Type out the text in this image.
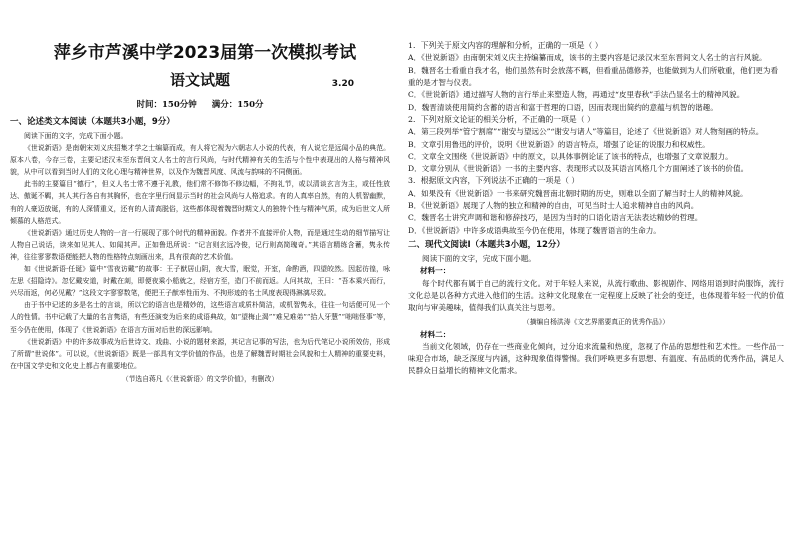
萍乡市芦溪中学2023届第一次模拟考试
语文试题	3.20
时间：150分钟 满分：150分
一、论述类文本阅读（本题共3小题，9分）

阅读下面的文字，完成下面小题。

《世说新语》是南朝宋刘义庆招集才学之士编纂而成，有人将它视为六朝志人小说的代表，有人说它是远闻小品的典范。原本八卷，今存三卷，主要记述汉末至东晋间文人名士的言行风尚，与时代精神有关的生活与个性中表现出的人格与精神风貌，从中可以看到当时人们的文化心理与精神世界，以及作为魏晋风度、风流与韵味的不同侧面。

此书的主要篇目“德行”，但义人名士常不遵于礼教，他们常不修饰不修边幅，不拘礼节，或以清谈玄言为主，或任性放达、傲诞不羁，其人其行各自有其胸怀，也在字里行间显示当时的社会风尚与人格追求。有的人真率自然，有的人机智幽默，有的人豪迈放诞，有的人深情重义，还有的人清高脱俗，这些都体现着魏晋时期文人的独特个性与精神气质，成为后世文人所倾慕的人格范式。

《世说新语》通过历史人物的一言一行展现了那个时代的精神面貌。作者并不直接评价人物，而是通过生动的细节描写让人物自己说话，读来如见其人、如闻其声。正如鲁迅所说：“记言则玄远冷俊，记行则高简瑰奇。”其语言精练含蓄，隽永传神，往往寥寥数语便能把人物的性格特点刻画出来，具有很高的艺术价值。

如《世说新语·任诞》篇中“雪夜访戴”的故事：王子猷居山阴，夜大雪，眠觉，开室，命酌酒，四望皎然。因起彷徨，咏左思《招隐诗》。忽忆戴安道，时戴在剡，即便夜乘小船就之，经宿方至，造门不前而返。人问其故，王曰：“吾本乘兴而行，兴尽而返，何必见戴？”这段文字寥寥数笔，便把王子猷率性而为、不拘形迹的名士风度表现得淋漓尽致。

由于书中记述的多是名士的言谈，所以它的语言也是精妙的，这些语言或质朴简洁，或机智隽永，往往一句话便可见一个人的性情。书中记载了大量的名言隽语，有些还演变为后来的成语典故，如“望梅止渴”“难兄难弟”“拾人牙慧”“咄咄怪事”等，至今仍在使用，体现了《世说新语》在语言方面对后世的深远影响。

《世说新语》中的许多故事成为后世诗文、戏曲、小说的题材来源，其记言记事的写法，也为后代笔记小说所效仿，形成了所谓“世说体”。可以说，《世说新语》既是一部具有文学价值的作品，也是了解魏晋时期社会风貌和士人精神的重要史料，在中国文学史和文化史上都占有重要地位。

（节选自蒋凡《〈世说新语〉的文学价值》，有删改）
1．下列关于原文内容的理解和分析，正确的一项是（ ）
A．《世说新语》由南朝宋刘义庆主持编纂而成，该书的主要内容是记录汉末至东晋间文人名士的言行风貌。
B．魏晋名士看重自我才名，他们虽然有时会放荡不羁，但看重品德修养，也能做到为人们所敬重，他们更为看重的是才智与仪表。
C．《世说新语》通过描写人物的言行举止来塑造人物，再通过“皮里春秋”手法凸显名士的精神风貌。
D．魏晋清谈使用简约含蓄的语言和富于哲理的口语，因而表现出简约的意蕴与机智的谐趣。
2．下列对原文论证的相关分析，不正确的一项是（ ）
A．第三段列举“管宁割席”“谢安与望远公”“谢安与诸人”等篇目，论述了《世说新语》对人物刻画的特点。
B．文章引用鲁迅的评价，说明《世说新语》的语言特点，增强了论证的说服力和权威性。
C．文章全文围绕《世说新语》中的原文，以具体事例论证了该书的特点，也增强了文章说服力。
D．文章分别从《世说新语》一书的主要内容、表现形式以及其语言风格几个方面阐述了该书的价值。
3．根据原文内容，下列说法不正确的一项是（ ）
A．如果没有《世说新语》一书来研究魏晋南北朝时期的历史，则难以全面了解当时士人的精神风貌。
B．《世说新语》展现了人物的独立和精神的自由，可见当时士人追求精神自由的风尚。
C．魏晋名士讲究声调和谐和修辞技巧，是因为当时的口语化语言无法表达精妙的哲理。
D．《世说新语》中许多成语典故至今仍在使用，体现了魏晋语言的生命力。
二、现代文阅读Ⅰ（本题共3小题，12分）

阅读下面的文字，完成下面小题。

材料一：

每个时代都有属于自己的流行文化。对于年轻人来说，从流行歌曲、影视剧作、网络用语到时尚服饰，流行文化总是以各种方式进入他们的生活。这种文化现象在一定程度上反映了社会的变迁，也体现着年轻一代的价值取向与审美趣味，值得我们认真关注与思考。

（摘编自杨洪涛《文艺界需要真正的优秀作品》）
材料二：

当前文化领域，仍存在一些商业化倾向，过分追求流量和热度，忽视了作品的思想性和艺术性。一些作品一味迎合市场，缺乏深度与内涵，这种现象值得警惕。我们呼唤更多有思想、有温度、有品质的优秀作品，满足人民群众日益增长的精神文化需求。
